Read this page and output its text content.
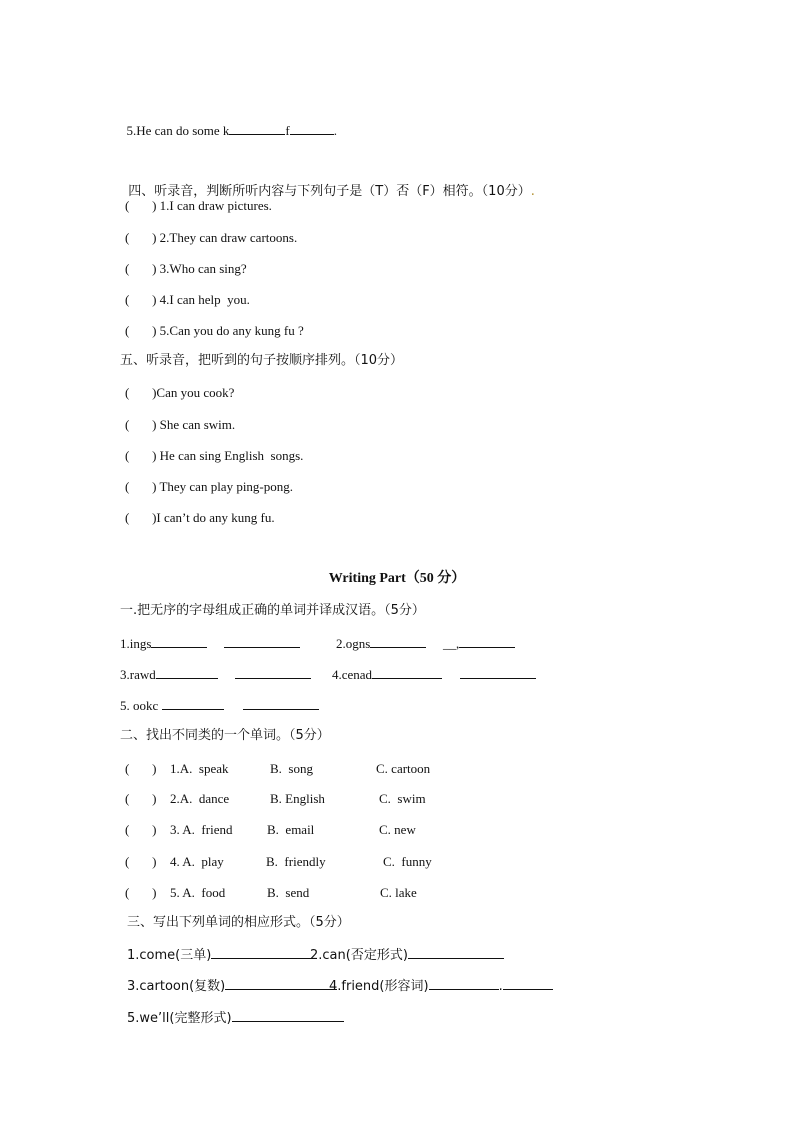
5.He can do some k	f	.

四、听录音，判断所听内容与下列句子是（T）否（F）相符。（10分）.

(       ) 1.I can draw pictures.
(       ) 2.They can draw cartoons.
(       ) 3.Who can sing?
(       ) 4.I can help  you.
(       ) 5.Can you do any kung fu ?
五、听录音，把听到的句子按顺序排列。（10分）
(       )Can you cook?
(       ) She can swim.
(       ) He can sing English  songs.
(       ) They can play ping-pong.
(       )I can’t do any kung fu.
Writing Part（50 分）
一.把无序的字母组成正确的单词并译成汉语。（5分）
1.ings	2.ogns	__,
3.rawd	4.cenad
5. ookc
二、找出不同类的一个单词。（5分）
(       ) 1.A.  speak	B.  song	C. cartoon
(       ) 2.A.  dance	B. English	C.  swim
(       ) 3. A.  friend	B.  email	C. new
(       ) 4. A.  play	B.  friendly	C.  funny
(       ) 5. A.  food	B.  send	C. lake
三、写出下列单词的相应形式。（5分）
1.come(三单)	2.can(否定形式)
3.cartoon(复数)	4.friend(形容词)	.
5.we’ll(完整形式)
